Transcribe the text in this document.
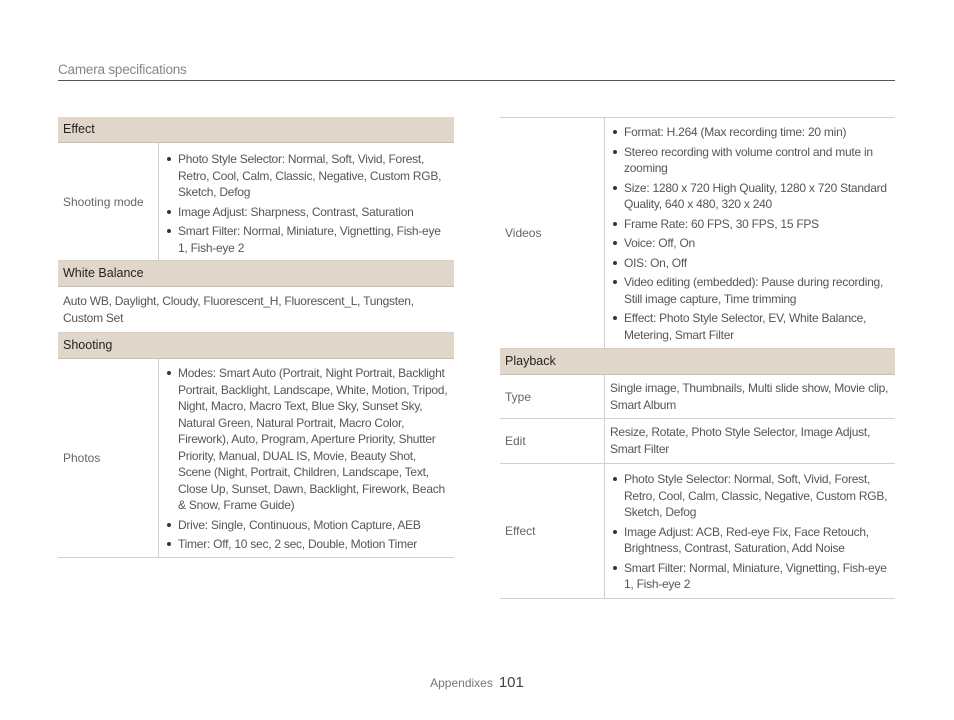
Camera specifications
Effect
Shooting mode
Photo Style Selector: Normal, Soft, Vivid, Forest, Retro, Cool, Calm, Classic, Negative, Custom RGB, Sketch, Defog
Image Adjust: Sharpness, Contrast, Saturation
Smart Filter: Normal, Miniature, Vignetting, Fish-eye 1, Fish-eye 2
White Balance
Auto WB, Daylight, Cloudy, Fluorescent_H, Fluorescent_L, Tungsten, Custom Set
Shooting
Photos
Modes: Smart Auto (Portrait, Night Portrait, Backlight Portrait, Backlight, Landscape, White, Motion, Tripod, Night, Macro, Macro Text, Blue Sky, Sunset Sky, Natural Green, Natural Portrait, Macro Color, Firework), Auto, Program, Aperture Priority, Shutter Priority, Manual, DUAL IS, Movie, Beauty Shot, Scene (Night, Portrait, Children, Landscape, Text, Close Up, Sunset, Dawn, Backlight, Firework, Beach & Snow, Frame Guide)
Drive: Single, Continuous, Motion Capture, AEB
Timer: Off, 10 sec, 2 sec, Double, Motion Timer
Videos
Format: H.264 (Max recording time: 20 min)
Stereo recording with volume control and mute in zooming
Size: 1280 x 720 High Quality, 1280 x 720 Standard Quality, 640 x 480, 320 x 240
Frame Rate: 60 FPS, 30 FPS, 15 FPS
Voice: Off, On
OIS: On, Off
Video editing (embedded): Pause during recording, Still image capture, Time trimming
Effect: Photo Style Selector, EV, White Balance, Metering, Smart Filter
Playback
Type
Single image, Thumbnails, Multi slide show, Movie clip, Smart Album
Edit
Resize, Rotate, Photo Style Selector, Image Adjust, Smart Filter
Effect
Photo Style Selector: Normal, Soft, Vivid, Forest, Retro, Cool, Calm, Classic, Negative, Custom RGB, Sketch, Defog
Image Adjust: ACB, Red-eye Fix, Face Retouch, Brightness, Contrast, Saturation, Add Noise
Smart Filter: Normal, Miniature, Vignetting, Fish-eye 1, Fish-eye 2
Appendixes 101
